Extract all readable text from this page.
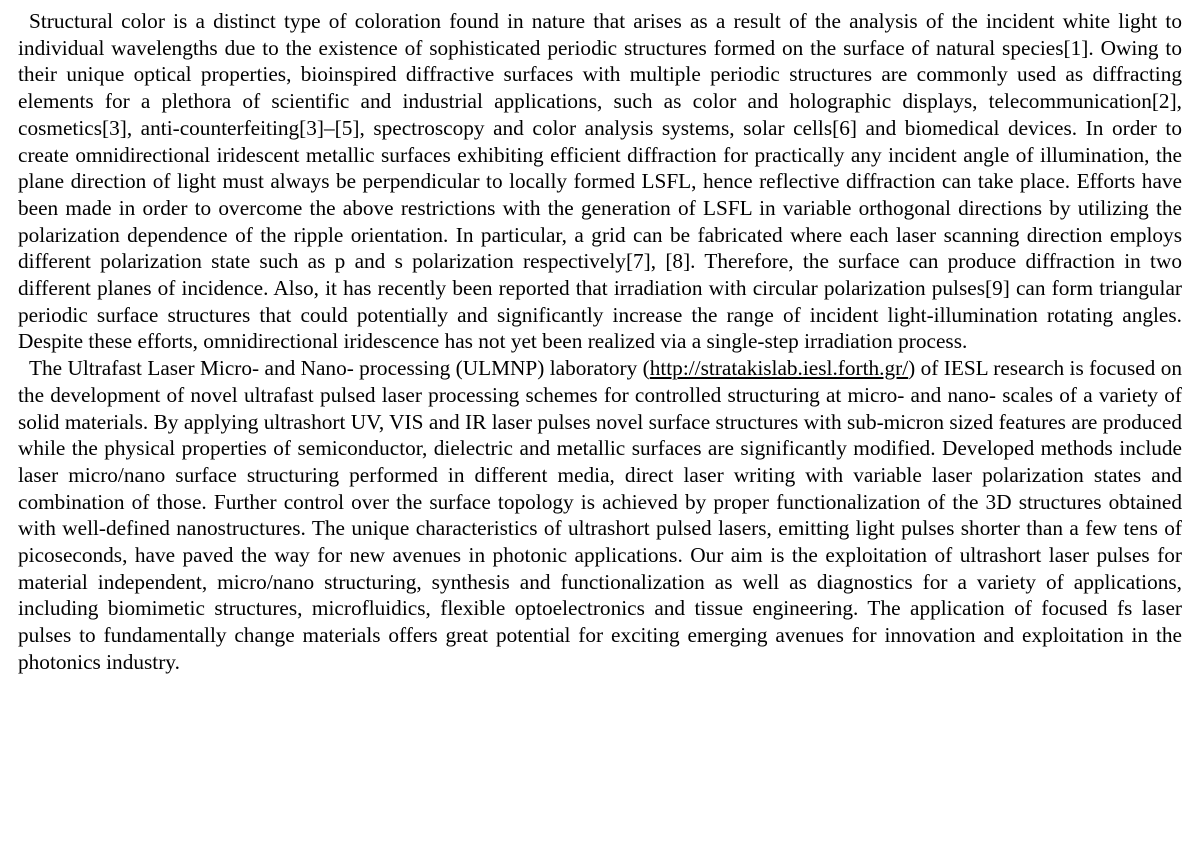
Structural color is a distinct type of coloration found in nature that arises as a result of the analysis of the incident white light to individual wavelengths due to the existence of sophisticated periodic structures formed on the surface of natural species[1]. Owing to their unique optical properties, bioinspired diffractive surfaces with multiple periodic structures are commonly used as diffracting elements for a plethora of scientific and industrial applications, such as color and holographic displays, telecommunication[2], cosmetics[3], anti-counterfeiting[3]–[5], spectroscopy and color analysis systems, solar cells[6] and biomedical devices. In order to create omnidirectional iridescent metallic surfaces exhibiting efficient diffraction for practically any incident angle of illumination, the plane direction of light must always be perpendicular to locally formed LSFL, hence reflective diffraction can take place. Efforts have been made in order to overcome the above restrictions with the generation of LSFL in variable orthogonal directions by utilizing the polarization dependence of the ripple orientation. In particular, a grid can be fabricated where each laser scanning direction employs different polarization state such as p and s polarization respectively[7], [8]. Therefore, the surface can produce diffraction in two different planes of incidence. Also, it has recently been reported that irradiation with circular polarization pulses[9] can form triangular periodic surface structures that could potentially and significantly increase the range of incident light-illumination rotating angles. Despite these efforts, omnidirectional iridescence has not yet been realized via a single-step irradiation process.

The Ultrafast Laser Micro- and Nano- processing (ULMNP) laboratory (http://stratakislab.iesl.forth.gr/) of IESL research is focused on the development of novel ultrafast pulsed laser processing schemes for controlled structuring at micro- and nano- scales of a variety of solid materials. By applying ultrashort UV, VIS and IR laser pulses novel surface structures with sub-micron sized features are produced while the physical properties of semiconductor, dielectric and metallic surfaces are significantly modified. Developed methods include laser micro/nano surface structuring performed in different media, direct laser writing with variable laser polarization states and combination of those. Further control over the surface topology is achieved by proper functionalization of the 3D structures obtained with well-defined nanostructures. The unique characteristics of ultrashort pulsed lasers, emitting light pulses shorter than a few tens of picoseconds, have paved the way for new avenues in photonic applications. Our aim is the exploitation of ultrashort laser pulses for material independent, micro/nano structuring, synthesis and functionalization as well as diagnostics for a variety of applications, including biomimetic structures, microfluidics, flexible optoelectronics and tissue engineering. The application of focused fs laser pulses to fundamentally change materials offers great potential for exciting emerging avenues for innovation and exploitation in the photonics industry.
